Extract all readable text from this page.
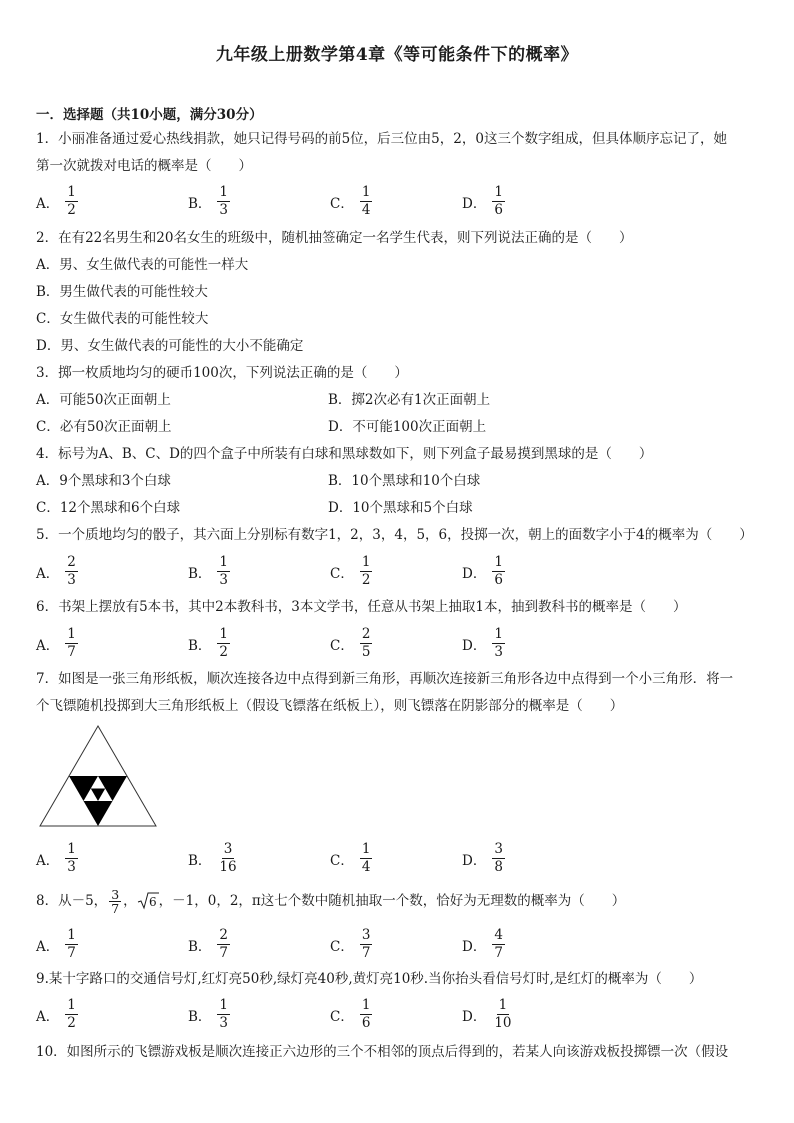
九年级上册数学第4章《等可能条件下的概率》
一．选择题（共10小题，满分30分）
1．小丽准备通过爱心热线捐款，她只记得号码的前5位，后三位由5，2，0这三个数字组成，但具体顺序忘记了，她
第一次就拨对电话的概率是（　　）
A． $\frac{1}{2}$	B． $\frac{1}{3}$	C． $\frac{1}{4}$	D． $\frac{1}{6}$
2．在有22名男生和20名女生的班级中，随机抽签确定一名学生代表，则下列说法正确的是（　　）
A．男、女生做代表的可能性一样大
B．男生做代表的可能性较大
C．女生做代表的可能性较大
D．男、女生做代表的可能性的大小不能确定
3．掷一枚质地均匀的硬币100次，下列说法正确的是（　　）
A．可能50次正面朝上	B．掷2次必有1次正面朝上
C．必有50次正面朝上	D．不可能100次正面朝上
4．标号为A、B、C、D的四个盒子中所装有白球和黑球数如下，则下列盒子最易摸到黑球的是（　　）
A．9个黑球和3个白球	B．10个黑球和10个白球
C．12个黑球和6个白球	D．10个黑球和5个白球
5．一个质地均匀的骰子，其六面上分别标有数字1，2，3，4，5，6，投掷一次，朝上的面数字小于4的概率为（　　）
A． $\frac{2}{3}$	B． $\frac{1}{3}$	C． $\frac{1}{2}$	D． $\frac{1}{6}$
6．书架上摆放有5本书，其中2本教科书，3本文学书，任意从书架上抽取1本，抽到教科书的概率是（　　）
A． $\frac{1}{7}$	B． $\frac{1}{2}$	C． $\frac{2}{5}$	D． $\frac{1}{3}$
7．如图是一张三角形纸板，顺次连接各边中点得到新三角形，再顺次连接新三角形各边中点得到一个小三角形．将一
个飞镖随机投掷到大三角形纸板上（假设飞镖落在纸板上），则飞镖落在阴影部分的概率是（　　）
A． $\frac{1}{3}$	B． $\frac{3}{16}$	C． $\frac{1}{4}$	D． $\frac{3}{8}$
8．从－5， $\frac{3}{7}$ ， 6 ，－1，0，2，π这七个数中随机抽取一个数，恰好为无理数的概率为（　　）
A． $\frac{1}{7}$	B． $\frac{2}{7}$	C． $\frac{3}{7}$	D． $\frac{4}{7}$
9.某十字路口的交通信号灯,红灯亮50秒,绿灯亮40秒,黄灯亮10秒.当你抬头看信号灯时,是红灯的概率为（　　）
A． $\frac{1}{2}$	B． $\frac{1}{3}$	C． $\frac{1}{6}$	D． $\frac{1}{10}$
10．如图所示的飞镖游戏板是顺次连接正六边形的三个不相邻的顶点后得到的，若某人向该游戏板投掷镖一次（假设
